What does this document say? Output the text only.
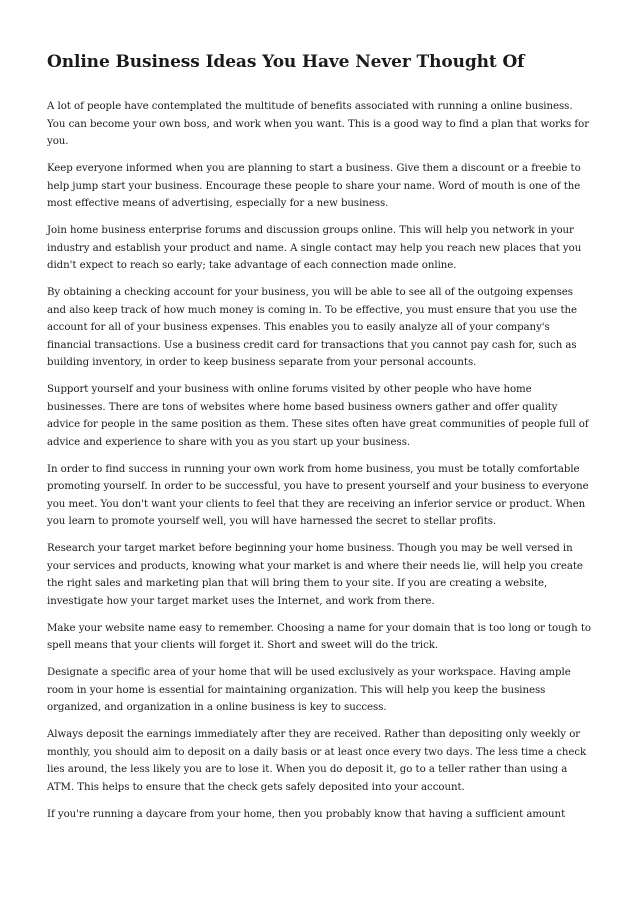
Online Business Ideas You Have Never Thought Of

A lot of people have contemplated the multitude of benefits associated with running a online business. You can become your own boss, and work when you want. This is a good way to find a plan that works for you.

Keep everyone informed when you are planning to start a business. Give them a discount or a freebie to help jump start your business. Encourage these people to share your name. Word of mouth is one of the most effective means of advertising, especially for a new business.

Join home business enterprise forums and discussion groups online. This will help you network in your industry and establish your product and name. A single contact may help you reach new places that you didn't expect to reach so early; take advantage of each connection made online.

By obtaining a checking account for your business, you will be able to see all of the outgoing expenses and also keep track of how much money is coming in. To be effective, you must ensure that you use the account for all of your business expenses. This enables you to easily analyze all of your company's financial transactions. Use a business credit card for transactions that you cannot pay cash for, such as building inventory, in order to keep business separate from your personal accounts.

Support yourself and your business with online forums visited by other people who have home businesses. There are tons of websites where home based business owners gather and offer quality advice for people in the same position as them. These sites often have great communities of people full of advice and experience to share with you as you start up your business.

In order to find success in running your own work from home business, you must be totally comfortable promoting yourself. In order to be successful, you have to present yourself and your business to everyone you meet. You don't want your clients to feel that they are receiving an inferior service or product. When you learn to promote yourself well, you will have harnessed the secret to stellar profits.

Research your target market before beginning your home business. Though you may be well versed in your services and products, knowing what your market is and where their needs lie, will help you create the right sales and marketing plan that will bring them to your site. If you are creating a website, investigate how your target market uses the Internet, and work from there.

Make your website name easy to remember. Choosing a name for your domain that is too long or tough to spell means that your clients will forget it. Short and sweet will do the trick.

Designate a specific area of your home that will be used exclusively as your workspace. Having ample room in your home is essential for maintaining organization. This will help you keep the business organized, and organization in a online business is key to success.

Always deposit the earnings immediately after they are received. Rather than depositing only weekly or monthly, you should aim to deposit on a daily basis or at least once every two days. The less time a check lies around, the less likely you are to lose it. When you do deposit it, go to a teller rather than using a ATM. This helps to ensure that the check gets safely deposited into your account.

If you're running a daycare from your home, then you probably know that having a sufficient amount
